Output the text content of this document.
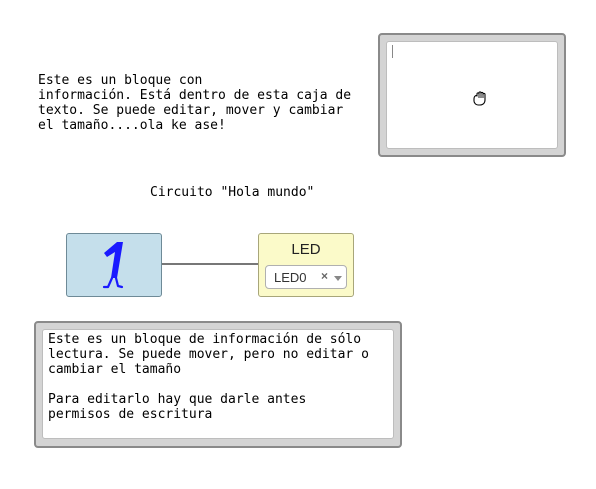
Este es un bloque con
información. Está dentro de esta caja de
texto. Se puede editar, mover y cambiar
el tamaño....ola ke ase!
Circuito "Hola mundo"
LED
LED0 ×
Este es un bloque de información de sólo
lectura. Se puede mover, pero no editar o
cambiar el tamaño

Para editarlo hay que darle antes
permisos de escritura
